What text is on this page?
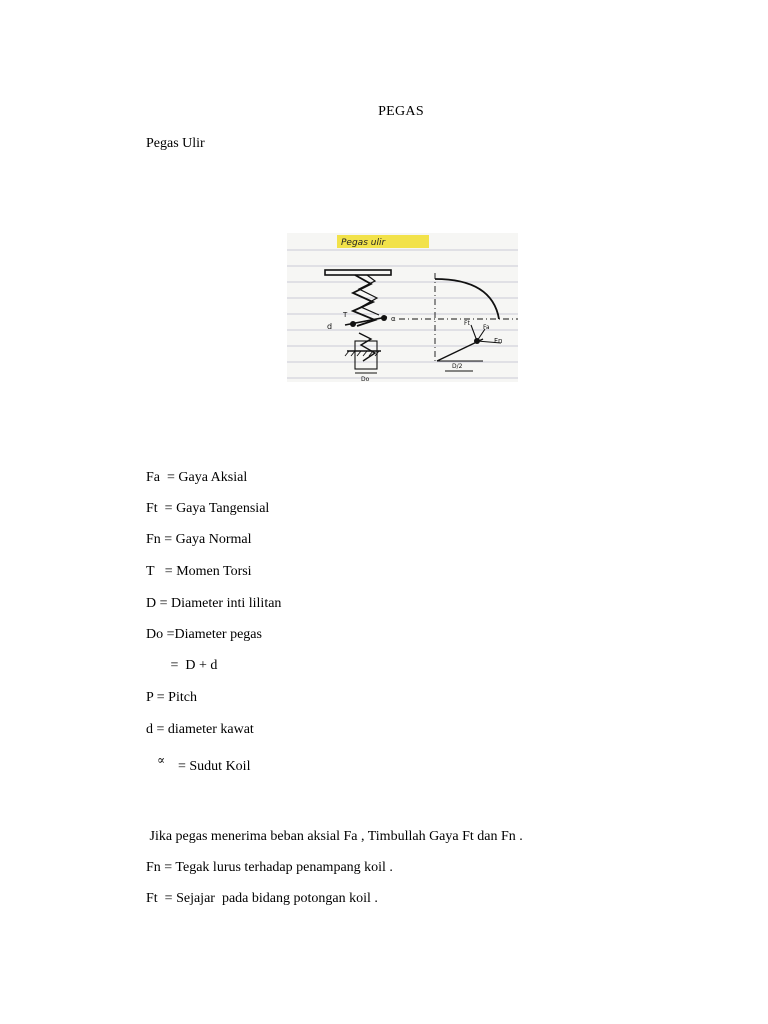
PEGAS
Pegas Ulir
Pegas ulir
d
T	α
Do
Ft
Fa
Fn
D/2
Fa  = Gaya Aksial
Ft  = Gaya Tangensial
Fn = Gaya Normal
T   = Momen Torsi
D = Diameter inti lilitan
Do =Diameter pegas
=  D + d
P = Pitch
d = diameter kawat
∝ = Sudut Koil
Jika pegas menerima beban aksial Fa , Timbullah Gaya Ft dan Fn .
Fn = Tegak lurus terhadap penampang koil .
Ft  = Sejajar  pada bidang potongan koil .
